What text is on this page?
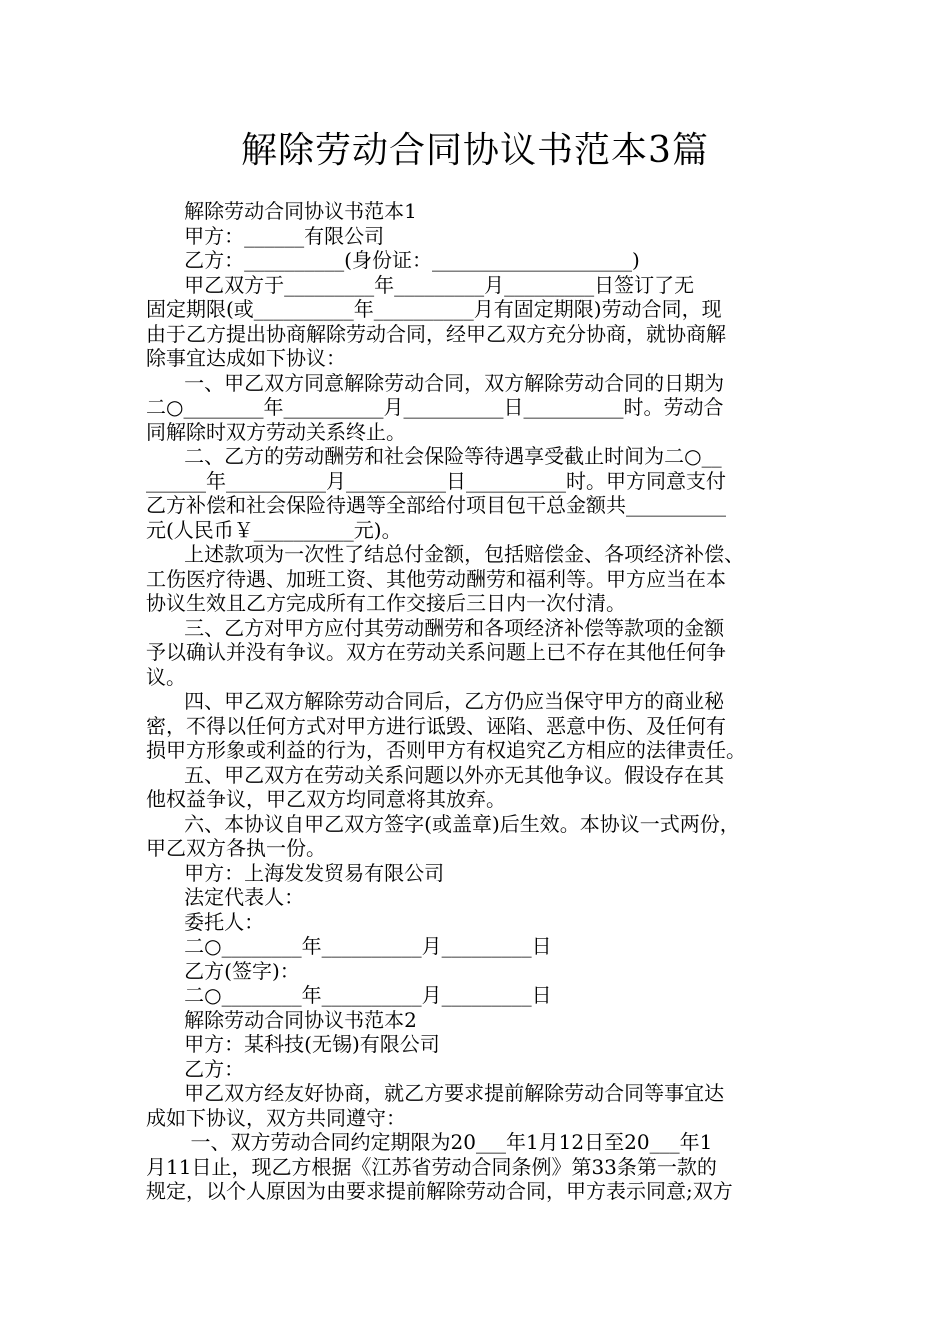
解除劳动合同协议书范本3篇
解除劳动合同协议书范本1
甲方：______有限公司
乙方：__________(身份证：____________________)
甲乙双方于_________年_________月_________日签订了无
固定期限(或__________年__________月有固定期限)劳动合同，现
由于乙方提出协商解除劳动合同，经甲乙双方充分协商，就协商解
除事宜达成如下协议：
一、甲乙双方同意解除劳动合同，双方解除劳动合同的日期为
二○________年__________月__________日__________时。劳动合
同解除时双方劳动关系终止。
二、乙方的劳动酬劳和社会保险等待遇享受截止时间为二○__
______年__________月__________日__________时。甲方同意支付
乙方补偿和社会保险待遇等全部给付项目包干总金额共__________
元(人民币￥__________元)。
上述款项为一次性了结总付金额，包括赔偿金、各项经济补偿、
工伤医疗待遇、加班工资、其他劳动酬劳和福利等。甲方应当在本
协议生效且乙方完成所有工作交接后三日内一次付清。
三、乙方对甲方应付其劳动酬劳和各项经济补偿等款项的金额
予以确认并没有争议。双方在劳动关系问题上已不存在其他任何争
议。
四、甲乙双方解除劳动合同后，乙方仍应当保守甲方的商业秘
密，不得以任何方式对甲方进行诋毁、诬陷、恶意中伤、及任何有
损甲方形象或利益的行为，否则甲方有权追究乙方相应的法律责任。
五、甲乙双方在劳动关系问题以外亦无其他争议。假设存在其
他权益争议，甲乙双方均同意将其放弃。
六、本协议自甲乙双方签字(或盖章)后生效。本协议一式两份，
甲乙双方各执一份。
甲方：上海发发贸易有限公司
法定代表人：
委托人：
二○________年__________月_________日
乙方(签字)：
二○________年__________月_________日
解除劳动合同协议书范本2
甲方：某科技(无锡)有限公司
乙方：
甲乙双方经友好协商，就乙方要求提前解除劳动合同等事宜达
成如下协议，双方共同遵守：
一、双方劳动合同约定期限为20___年1月12日至20___年1
月11日止，现乙方根据《江苏省劳动合同条例》第33条第一款的
规定，以个人原因为由要求提前解除劳动合同，甲方表示同意;双方
